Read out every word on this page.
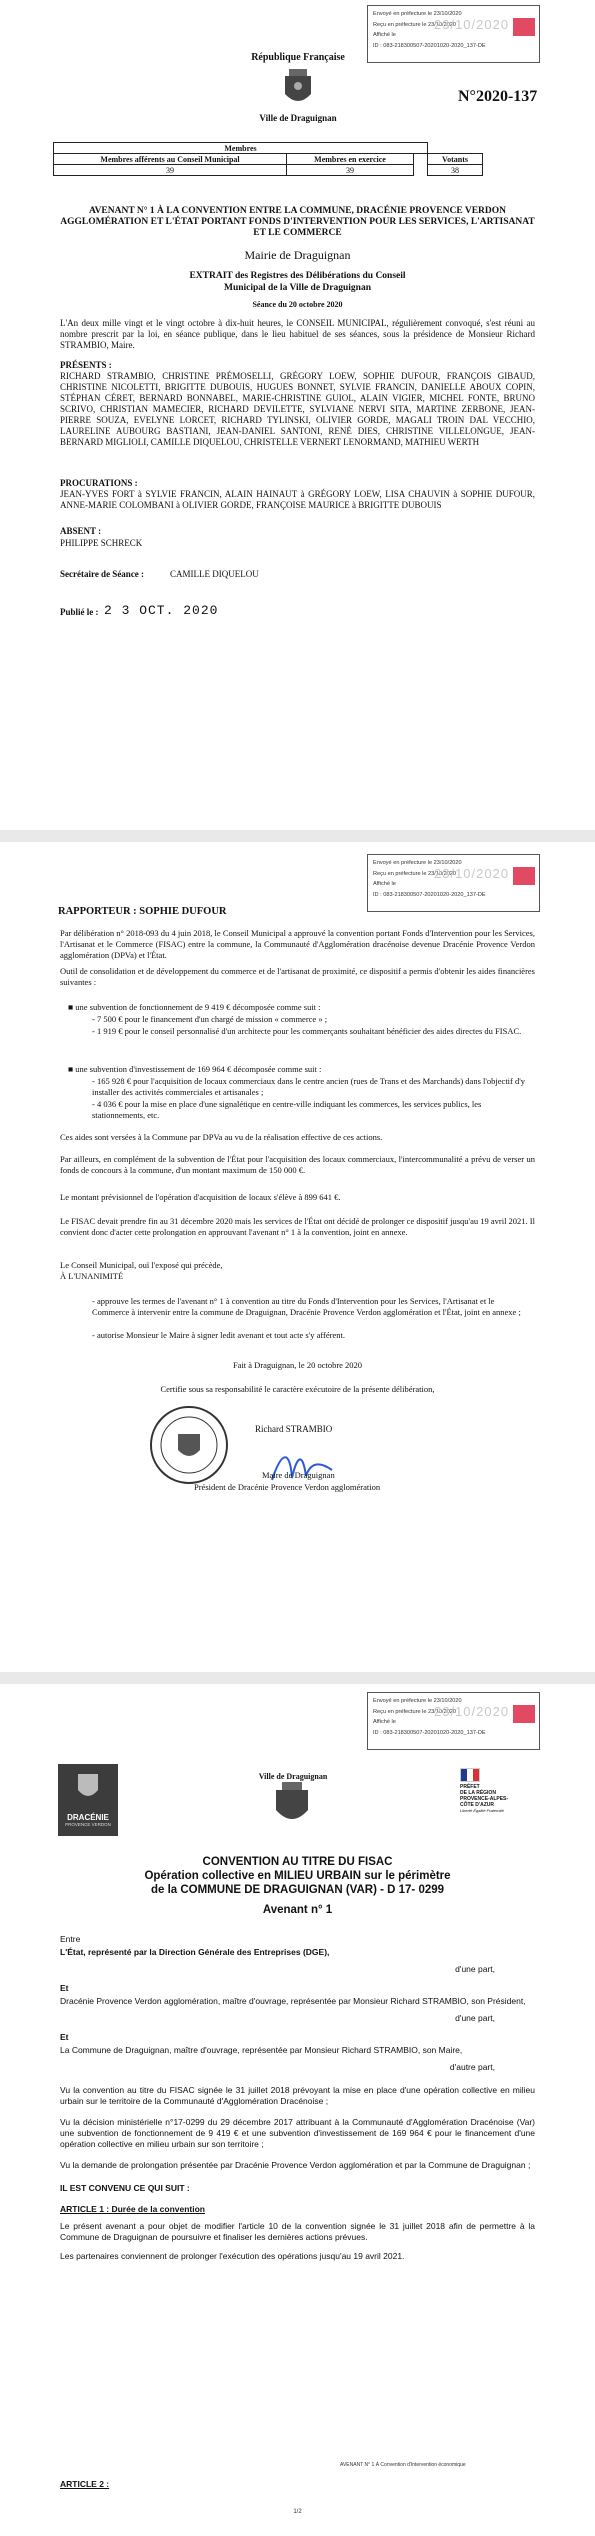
Envoyé en préfecture le 23/10/2020
Reçu en préfecture le 23/10/2020
Affiché le
ID : 083-218300507-20201020-2020_137-DE
23/10/2020
République Française
Ville de Draguignan
N°2020-137
Membres			
Membres afférents au Conseil Municipal	Membres en exercice		Votants
39	39		38
AVENANT N° 1 À LA CONVENTION ENTRE LA COMMUNE, DRACÉNIE PROVENCE VERDON AGGLOMÉRATION ET L'ÉTAT PORTANT FONDS D'INTERVENTION POUR LES SERVICES, L'ARTISANAT ET LE COMMERCE
Mairie de Draguignan
EXTRAIT des Registres des Délibérations du Conseil Municipal de la Ville de Draguignan
Séance du 20 octobre 2020
L'An deux mille vingt et le vingt octobre à dix-huit heures, le CONSEIL MUNICIPAL, régulièrement convoqué, s'est réuni au nombre prescrit par la loi, en séance publique, dans le lieu habituel de ses séances, sous la présidence de Monsieur Richard STRAMBIO, Maire.
PRÉSENTS :
RICHARD STRAMBIO, CHRISTINE PRÉMOSELLI, GRÉGORY LOEW, SOPHIE DUFOUR, FRANÇOIS GIBAUD, CHRISTINE NICOLETTI, BRIGITTE DUBOUIS, HUGUES BONNET, SYLVIE FRANCIN, DANIELLE ABOUX COPIN, STÉPHAN CÉRET, BERNARD BONNABEL, MARIE-CHRISTINE GUIOL, ALAIN VIGIER, MICHEL FONTE, BRUNO SCRIVO, CHRISTIAN MAMECIER, RICHARD DEVILETTE, SYLVIANE NERVI SITA, MARTINE ZERBONE, JEAN-PIERRE SOUZA, EVELYNE LORCET, RICHARD TYLINSKI, OLIVIER GORDE, MAGALI TROIN DAL VECCHIO, LAURELINE AUBOURG BASTIANI, JEAN-DANIEL SANTONI, RENÉ DIES, CHRISTINE VILLELONGUE, JEAN-BERNARD MIGLIOLI, CAMILLE DIQUELOU, CHRISTELLE VERNERT LENORMAND, MATHIEU WERTH
PROCURATIONS :
JEAN-YVES FORT à SYLVIE FRANCIN, ALAIN HAINAUT à GRÉGORY LOEW, LISA CHAUVIN à SOPHIE DUFOUR, ANNE-MARIE COLOMBANI à OLIVIER GORDE, FRANÇOISE MAURICE à BRIGITTE DUBOUIS
ABSENT :
PHILIPPE SCHRECK
Secrétaire de Séance :	CAMILLE DIQUELOU
Publié le : 2 3 OCT. 2020
Envoyé en préfecture le 23/10/2020
Reçu en préfecture le 23/10/2020
Affiché le
ID : 083-218300507-20201020-2020_137-DE
23/10/2020
RAPPORTEUR : SOPHIE DUFOUR
Par délibération n° 2018-093 du 4 juin 2018, le Conseil Municipal a approuvé la convention portant Fonds d'Intervention pour les Services, l'Artisanat et le Commerce (FISAC) entre la commune, la Communauté d'Agglomération dracénoise devenue Dracénie Provence Verdon agglomération (DPVa) et l'État.
Outil de consolidation et de développement du commerce et de l'artisanat de proximité, ce dispositif a permis d'obtenir les aides financières suivantes :
■ une subvention de fonctionnement de 9 419 € décomposée comme suit :
- 7 500 € pour le financement d'un chargé de mission « commerce » ;
- 1 919 € pour le conseil personnalisé d'un architecte pour les commerçants souhaitant bénéficier des aides directes du FISAC.
■ une subvention d'investissement de 169 964 € décomposée comme suit :
- 165 928 € pour l'acquisition de locaux commerciaux dans le centre ancien (rues de Trans et des Marchands) dans l'objectif d'y installer des activités commerciales et artisanales ;
- 4 036 € pour la mise en place d'une signalétique en centre-ville indiquant les commerces, les services publics, les stationnements, etc.
Ces aides sont versées à la Commune par DPVa au vu de la réalisation effective de ces actions.
Par ailleurs, en complément de la subvention de l'État pour l'acquisition des locaux commerciaux, l'intercommunalité a prévu de verser un fonds de concours à la commune, d'un montant maximum de 150 000 €.
Le montant prévisionnel de l'opération d'acquisition de locaux s'élève à 899 641 €.
Le FISAC devait prendre fin au 31 décembre 2020 mais les services de l'État ont décidé de prolonger ce dispositif jusqu'au 19 avril 2021. Il convient donc d'acter cette prolongation en approuvant l'avenant n° 1 à la convention, joint en annexe.
Le Conseil Municipal, ouï l'exposé qui précède,
À L'UNANIMITÉ
- approuve les termes de l'avenant n° 1 à convention au titre du Fonds d'Intervention pour les Services, l'Artisanat et le Commerce à intervenir entre la commune de Draguignan, Dracénie Provence Verdon agglomération et l'État, joint en annexe ;
- autorise Monsieur le Maire à signer ledit avenant et tout acte s'y afférent.
Fait à Draguignan, le 20 octobre 2020
Certifie sous sa responsabilité le caractère exécutoire de la présente délibération,
Richard STRAMBIO
Maire de Draguignan
Président de Dracénie Provence Verdon agglomération
Envoyé en préfecture le 23/10/2020
Reçu en préfecture le 23/10/2020
Affiché le
ID : 083-218300507-20201020-2020_137-DE
23/10/2020
DRACÉNIE
PROVENCE VERDON
Ville de Draguignan
PRÉFET
DE LA RÉGION
PROVENCE-ALPES-
CÔTE D'AZUR
Liberté Égalité Fraternité
CONVENTION AU TITRE DU FISAC
Opération collective en MILIEU URBAIN sur le périmètre
de la COMMUNE DE DRAGUIGNAN (VAR) - D 17- 0299
Avenant n° 1
Entre
L'État, représenté par la Direction Générale des Entreprises (DGE),
d'une part,
Et
Dracénie Provence Verdon agglomération, maître d'ouvrage, représentée par Monsieur Richard STRAMBIO, son Président,
d'une part,
Et
La Commune de Draguignan, maître d'ouvrage, représentée par Monsieur Richard STRAMBIO, son Maire,
d'autre part,
Vu la convention au titre du FISAC signée le 31 juillet 2018 prévoyant la mise en place d'une opération collective en milieu urbain sur le territoire de la Communauté d'Agglomération Dracénoise ;
Vu la décision ministérielle n°17-0299 du 29 décembre 2017 attribuant à la Communauté d'Agglomération Dracénoise (Var) une subvention de fonctionnement de 9 419 € et une subvention d'investissement de 169 964 € pour le financement d'une opération collective en milieu urbain sur son territoire ;
Vu la demande de prolongation présentée par Dracénie Provence Verdon agglomération et par la Commune de Draguignan ;
IL EST CONVENU CE QUI SUIT :
ARTICLE 1 : Durée de la convention
Le présent avenant a pour objet de modifier l'article 10 de la convention signée le 31 juillet 2018 afin de permettre à la Commune de Draguignan de poursuivre et finaliser les dernières actions prévues.
Les partenaires conviennent de prolonger l'exécution des opérations jusqu'au 19 avril 2021.
AVENANT N° 1 À Convention d'Intervention économique
ARTICLE 2 :
1/2
